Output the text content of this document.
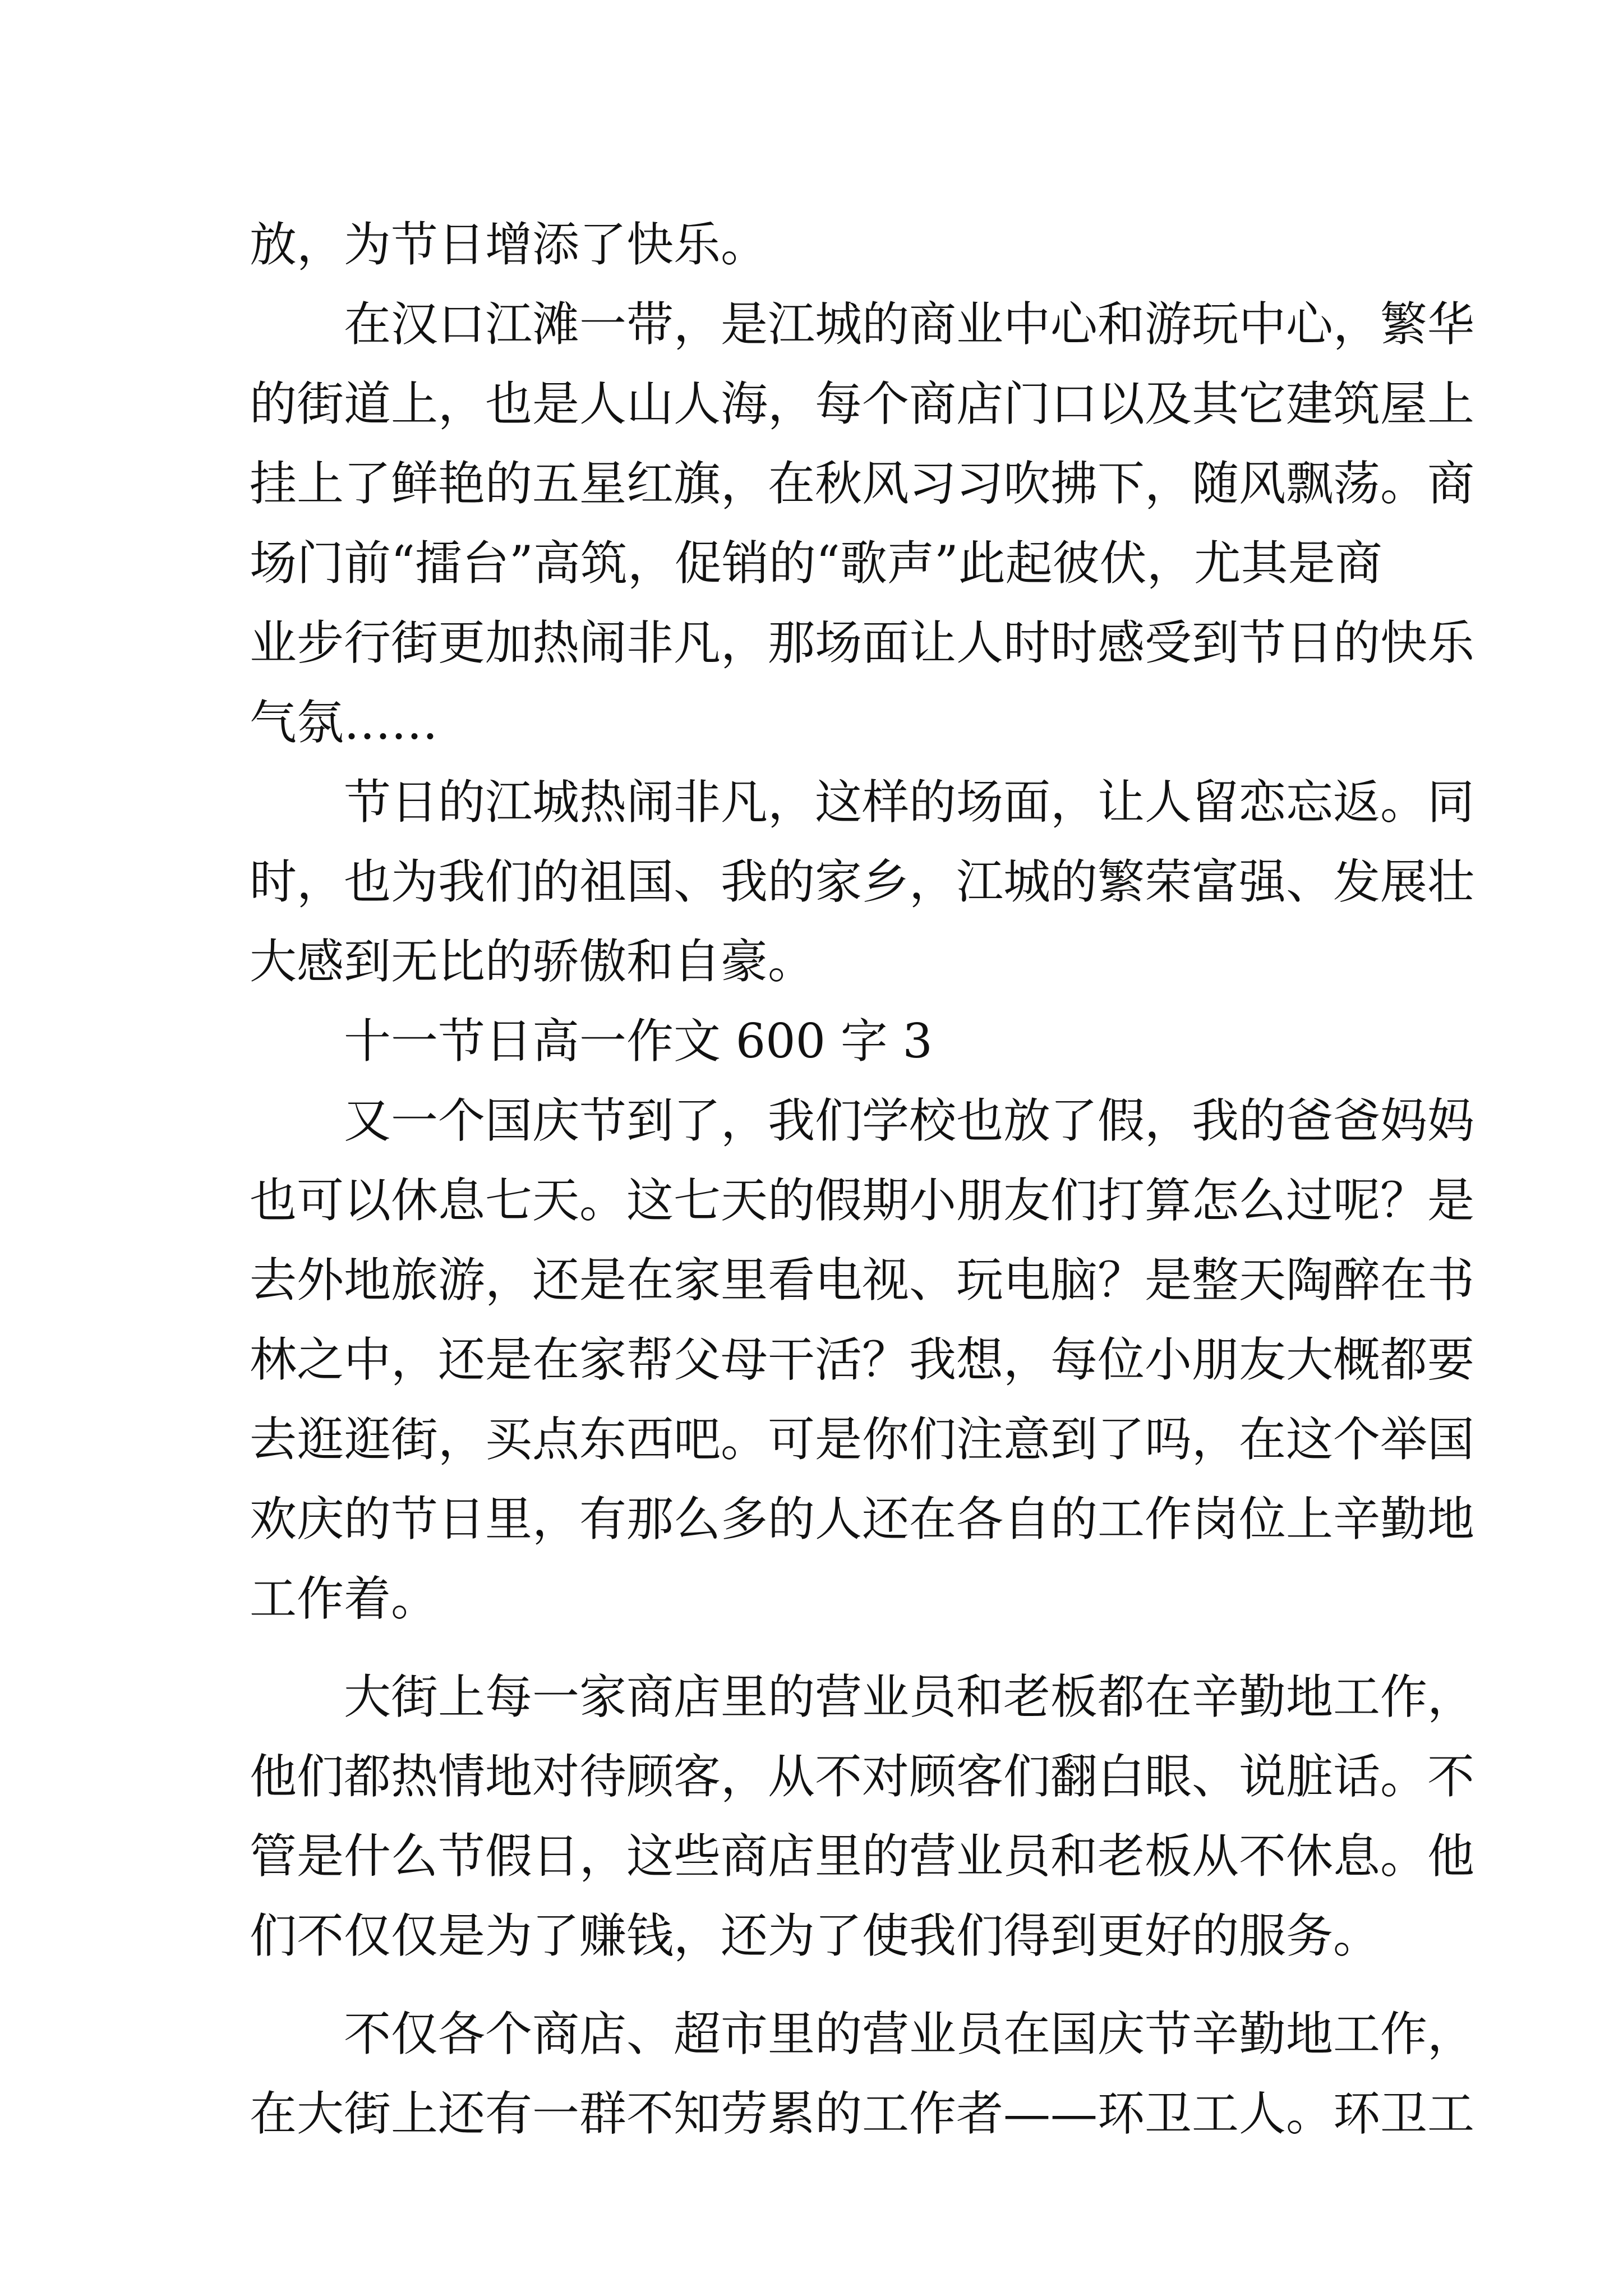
放，为节日增添了快乐。

在汉口江滩一带，是江城的商业中心和游玩中心，繁华

的街道上，也是人山人海，每个商店门口以及其它建筑屋上

挂上了鲜艳的五星红旗，在秋风习习吹拂下，随风飘荡。商

场门前“擂台”高筑，促销的“歌声”此起彼伏，尤其是商

业步行街更加热闹非凡，那场面让人时时感受到节日的快乐

气氛……

节日的江城热闹非凡，这样的场面，让人留恋忘返。同

时，也为我们的祖国、我的家乡，江城的繁荣富强、发展壮

大感到无比的骄傲和自豪。

十一节日高一作文 600 字 3

又一个国庆节到了，我们学校也放了假，我的爸爸妈妈

也可以休息七天。这七天的假期小朋友们打算怎么过呢？是

去外地旅游，还是在家里看电视、玩电脑？是整天陶醉在书

林之中，还是在家帮父母干活？我想，每位小朋友大概都要

去逛逛街，买点东西吧。可是你们注意到了吗，在这个举国

欢庆的节日里，有那么多的人还在各自的工作岗位上辛勤地

工作着。

大街上每一家商店里的营业员和老板都在辛勤地工作，

他们都热情地对待顾客，从不对顾客们翻白眼、说脏话。不

管是什么节假日，这些商店里的营业员和老板从不休息。他

们不仅仅是为了赚钱，还为了使我们得到更好的服务。

不仅各个商店、超市里的营业员在国庆节辛勤地工作，

在大街上还有一群不知劳累的工作者——环卫工人。环卫工
